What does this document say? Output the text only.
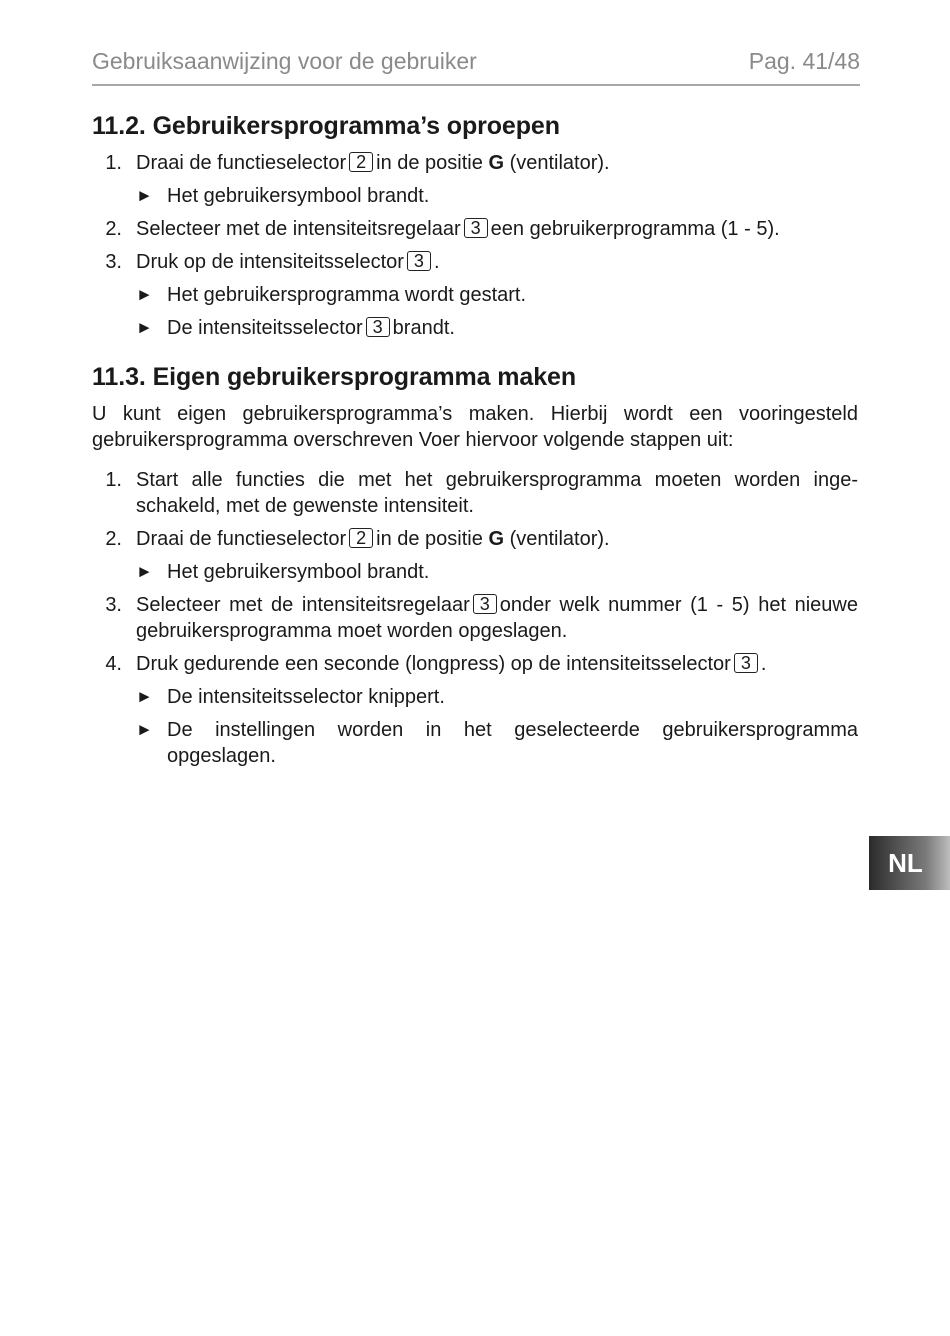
Gebruiksaanwijzing voor de gebruiker	Pag. 41/48
11.2. Gebruikersprogramma’s oproepen
1. Draai de functieselector 2 in de positie G (ventilator).
► Het gebruikersymbool brandt.
2. Selecteer met de intensiteitsregelaar 3 een gebruikerprogramma (1 - 5).
3. Druk op de intensiteitsselector 3 .
► Het gebruikersprogramma wordt gestart.
► De intensiteitsselector 3 brandt.
11.3. Eigen gebruikersprogramma maken

U kunt eigen gebruikersprogramma’s maken. Hierbij wordt een vooringesteld gebruikersprogramma overschreven Voer hiervoor volgende stappen uit:

1. Start alle functies die met het gebruikersprogramma moeten worden ingeschakeld, met de gewenste intensiteit.
2. Draai de functieselector 2 in de positie G (ventilator).
► Het gebruikersymbool brandt.
3. Selecteer met de intensiteitsregelaar 3 onder welk nummer (1 - 5) het nieuwe gebruikersprogramma moet worden opgeslagen.
4. Druk gedurende een seconde (longpress) op de intensiteitsselector 3 .
► De intensiteitsselector knippert.
► De instellingen worden in het geselecteerde gebruikersprogramma opgeslagen.
NL
